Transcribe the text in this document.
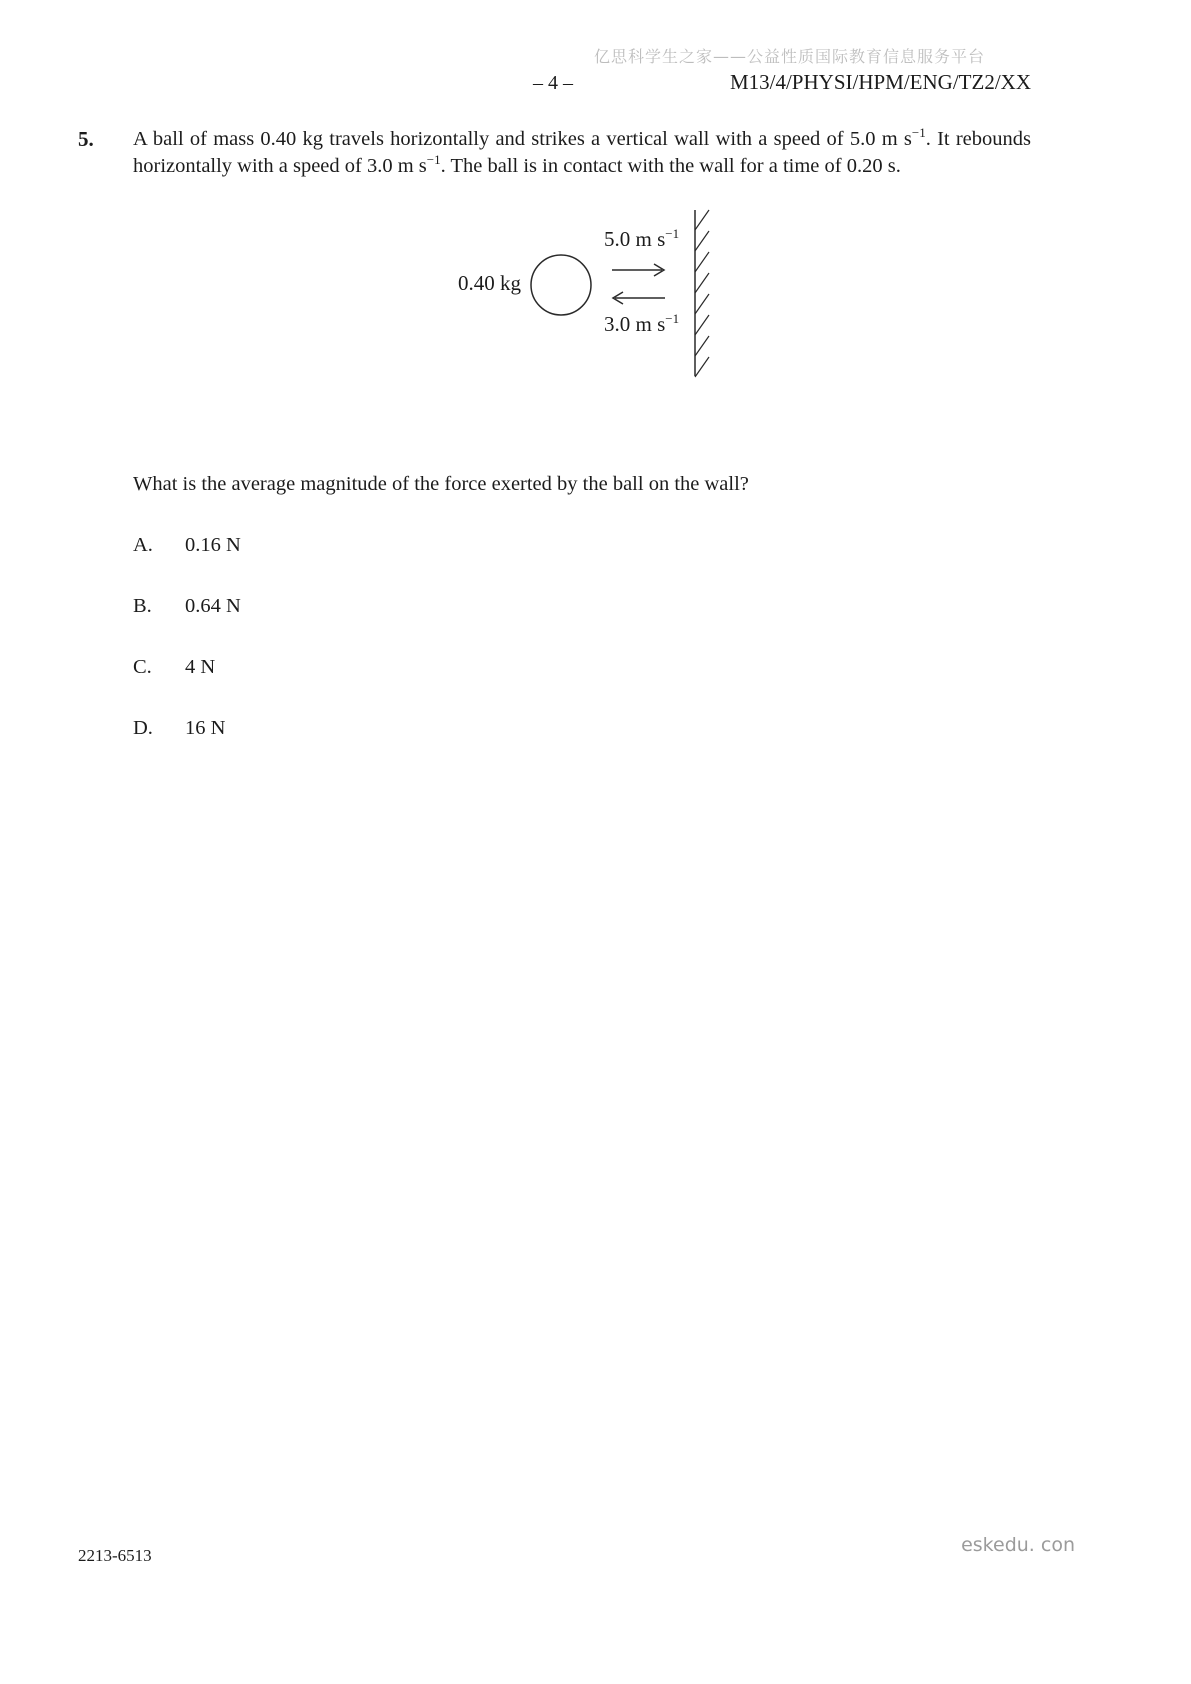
亿思科学生之家——公益性质国际教育信息服务平台
– 4 –	M13/4/PHYSI/HPM/ENG/TZ2/XX
5.	A ball of mass 0.40 kg travels horizontally and strikes a vertical wall with a speed of 5.0 m $s^{-1}$. It rebounds horizontally with a speed of 3.0 m $s^{-1}$. The ball is in contact with the wall for a time of 0.20 s.

0.40 kg
5.0 m $s^{-1}$
3.0 m $s^{-1}$

What is the average magnitude of the force exerted by the ball on the wall?

A.	0.16 N
B.	0.64 N
C.	4 N
D.	16 N
2213-6513	eskedu. con
